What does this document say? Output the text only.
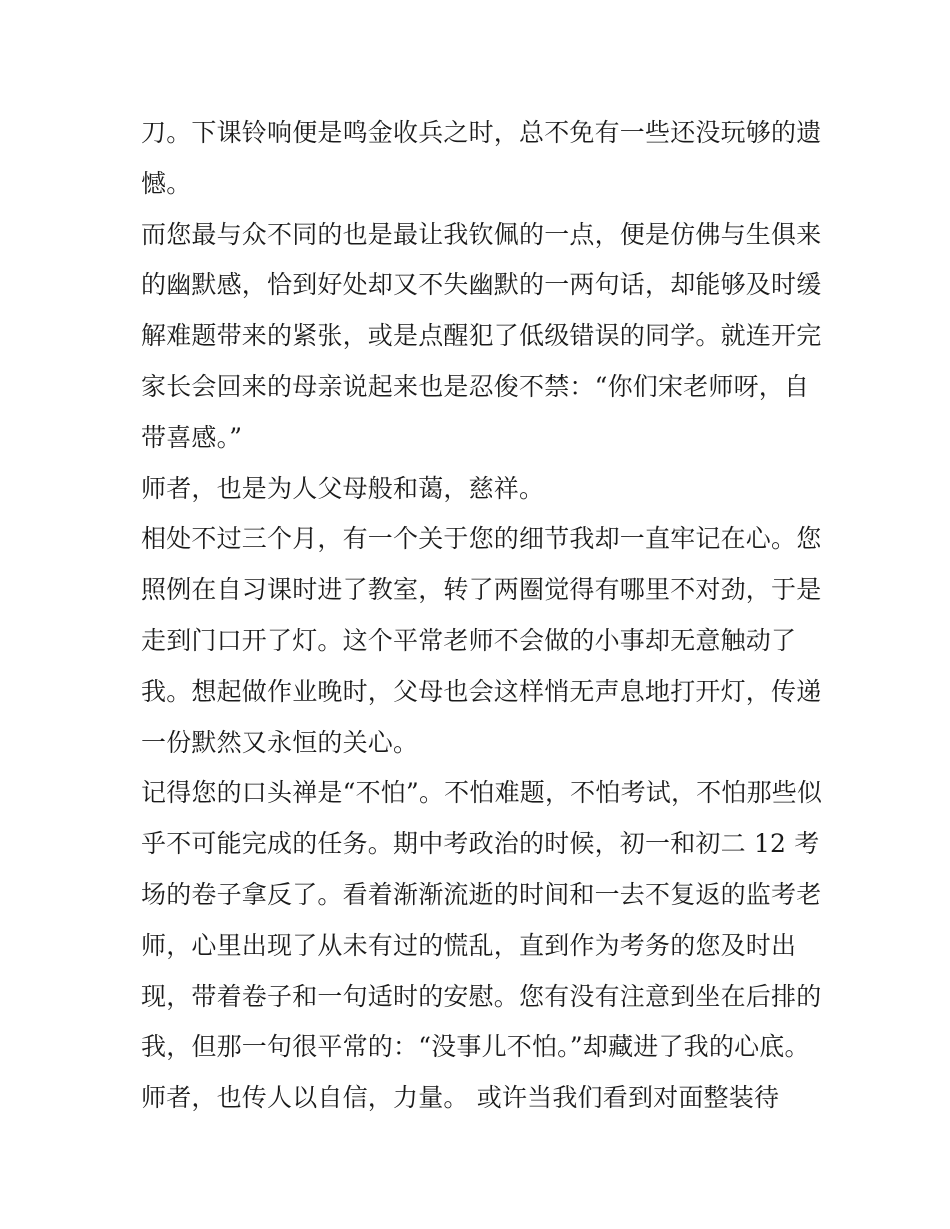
刀。下课铃响便是鸣金收兵之时，总不免有一些还没玩够的遗
憾。
而您最与众不同的也是最让我钦佩的一点，便是仿佛与生俱来
的幽默感，恰到好处却又不失幽默的一两句话，却能够及时缓
解难题带来的紧张，或是点醒犯了低级错误的同学。就连开完
家长会回来的母亲说起来也是忍俊不禁：“你们宋老师呀，自
带喜感。”
师者，也是为人父母般和蔼，慈祥。
相处不过三个月，有一个关于您的细节我却一直牢记在心。您
照例在自习课时进了教室，转了两圈觉得有哪里不对劲，于是
走到门口开了灯。这个平常老师不会做的小事却无意触动了
我。想起做作业晚时，父母也会这样悄无声息地打开灯，传递
一份默然又永恒的关心。
记得您的口头禅是“不怕”。不怕难题，不怕考试，不怕那些似
乎不可能完成的任务。期中考政治的时候，初一和初二 12 考
场的卷子拿反了。看着渐渐流逝的时间和一去不复返的监考老
师，心里出现了从未有过的慌乱，直到作为考务的您及时出
现，带着卷子和一句适时的安慰。您有没有注意到坐在后排的
我，但那一句很平常的：“没事儿不怕。”却藏进了我的心底。
师者，也传人以自信，力量。 或许当我们看到对面整装待
